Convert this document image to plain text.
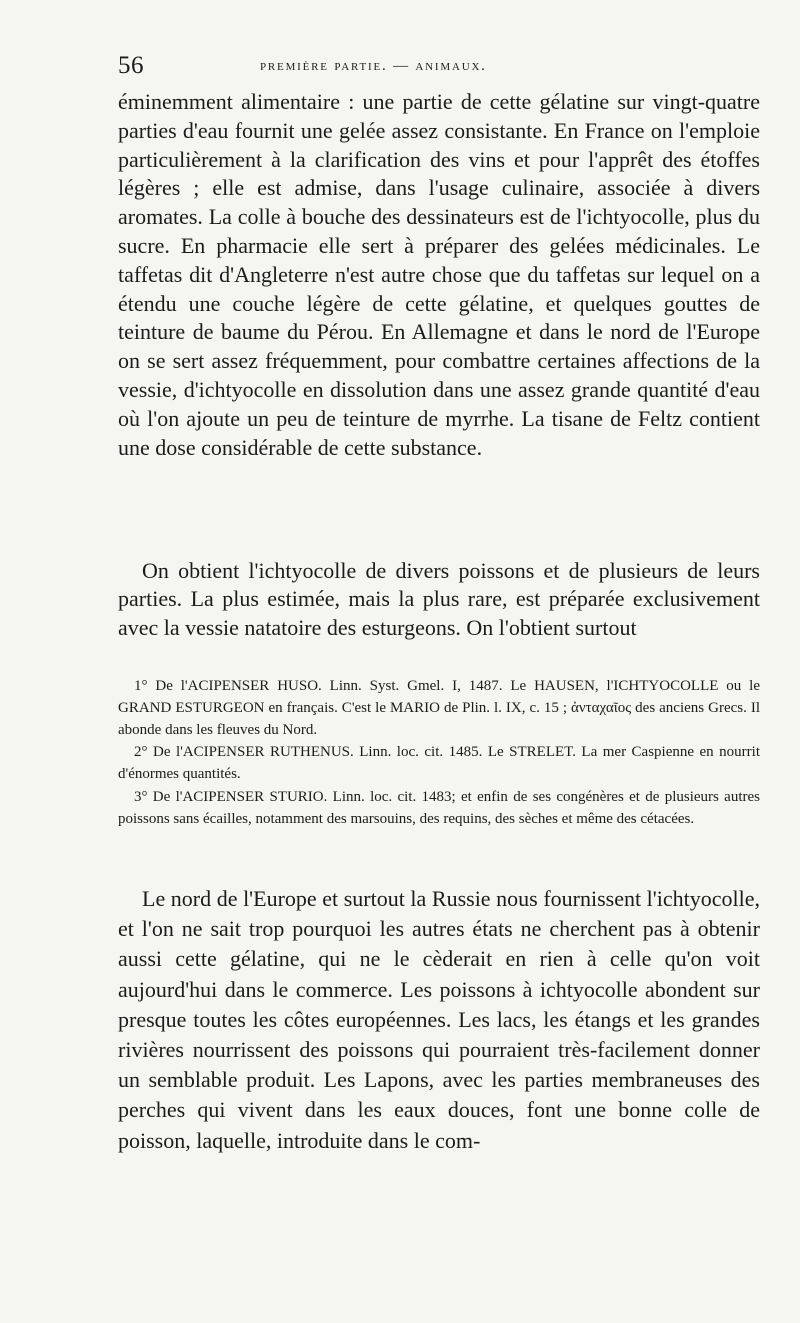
56	première partie. — animaux.

éminemment alimentaire : une partie de cette gélatine sur vingt-quatre parties d'eau fournit une gelée assez consistante. En France on l'emploie particulièrement à la clarification des vins et pour l'apprêt des étoffes légères ; elle est admise, dans l'usage culinaire, associée à divers aromates. La colle à bouche des dessinateurs est de l'ichtyocolle, plus du sucre. En pharmacie elle sert à préparer des gelées médicinales. Le taffetas dit d'Angleterre n'est autre chose que du taffetas sur lequel on a étendu une couche légère de cette gélatine, et quelques gouttes de teinture de baume du Pérou. En Allemagne et dans le nord de l'Europe on se sert assez fréquemment, pour combattre certaines affections de la vessie, d'ichtyocolle en dissolution dans une assez grande quantité d'eau où l'on ajoute un peu de teinture de myrrhe. La tisane de Feltz contient une dose considérable de cette substance.

On obtient l'ichtyocolle de divers poissons et de plusieurs de leurs parties. La plus estimée, mais la plus rare, est préparée exclusivement avec la vessie natatoire des esturgeons. On l'obtient surtout

1° De l'ACIPENSER HUSO. Linn. Syst. Gmel. I, 1487. Le HAUSEN, l'ICHTYOCOLLE ou le GRAND ESTURGEON en français. C'est le MARIO de Plin. l. IX, c. 15 ; ἀνταχαῖος des anciens Grecs. Il abonde dans les fleuves du Nord.

2° De l'ACIPENSER RUTHENUS. Linn. loc. cit. 1485. Le STRELET. La mer Caspienne en nourrit d'énormes quantités.

3° De l'ACIPENSER STURIO. Linn. loc. cit. 1483; et enfin de ses congénères et de plusieurs autres poissons sans écailles, notamment des marsouins, des requins, des sèches et même des cétacées.

Le nord de l'Europe et surtout la Russie nous fournissent l'ichtyocolle, et l'on ne sait trop pourquoi les autres états ne cherchent pas à obtenir aussi cette gélatine, qui ne le cèderait en rien à celle qu'on voit aujourd'hui dans le commerce. Les poissons à ichtyocolle abondent sur presque toutes les côtes européennes. Les lacs, les étangs et les grandes rivières nourrissent des poissons qui pourraient très-facilement donner un semblable produit. Les Lapons, avec les parties membraneuses des perches qui vivent dans les eaux douces, font une bonne colle de poisson, laquelle, introduite dans le com-
